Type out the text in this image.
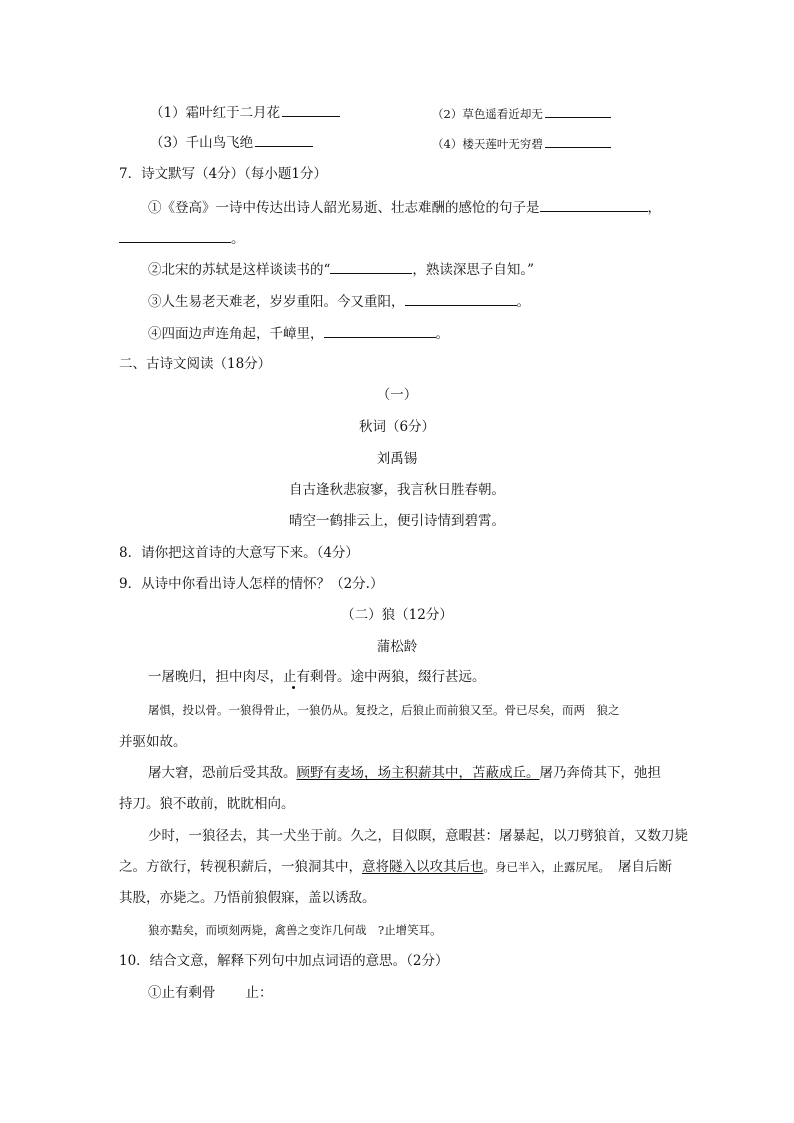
（1）霜叶红于二月花	（2）草色遥看近却无
（3）千山鸟飞绝	（4）楼天莲叶无穷碧
7．诗文默写（4分）（每小题1分）
①《登高》一诗中传达出诗人韶光易逝、壮志难酬的感怆的句子是	，
。
②北宋的苏轼是这样谈读书的“	，熟读深思子自知。”
③人生易老天难老，岁岁重阳。今又重阳，	。
④四面边声连角起，千嶂里，	。
二、古诗文阅读（18分）
（一）
秋词（6分）
刘禹锡
自古逢秋悲寂寥，我言秋日胜春朝。
晴空一鹤排云上，便引诗情到碧霄。
8．请你把这首诗的大意写下来。（4分）
9．从诗中你看出诗人怎样的情怀？（2分.）
（二）狼（12分）
蒲松龄
一屠晚归，担中肉尽，止有剩骨。途中两狼，缀行甚远。
屠惧，投以骨。一狼得骨止，一狼仍从。复投之，后狼止而前狼又至。骨已尽矣，而两　狼之
并驱如故。
屠大窘，恐前后受其敌。顾野有麦场，场主积薪其中，苫蔽成丘。屠乃奔倚其下，弛担
持刀。狼不敢前，眈眈相向。
少时，一狼径去，其一犬坐于前。久之，目似瞑，意暇甚：屠暴起，以刀劈狼首，又数刀毙
之。方欲行，转视积薪后，一狼洞其中，意将隧入以攻其后也。身已半入，止露尻尾。 屠自后断
其股，亦毙之。乃悟前狼假寐，盖以诱敌。
狼亦黠矣，而顷刻两毙，禽兽之变诈几何哉　?止增笑耳。
10．结合文意，解释下列句中加点词语的意思。（2分）
①止有剩骨 止：
